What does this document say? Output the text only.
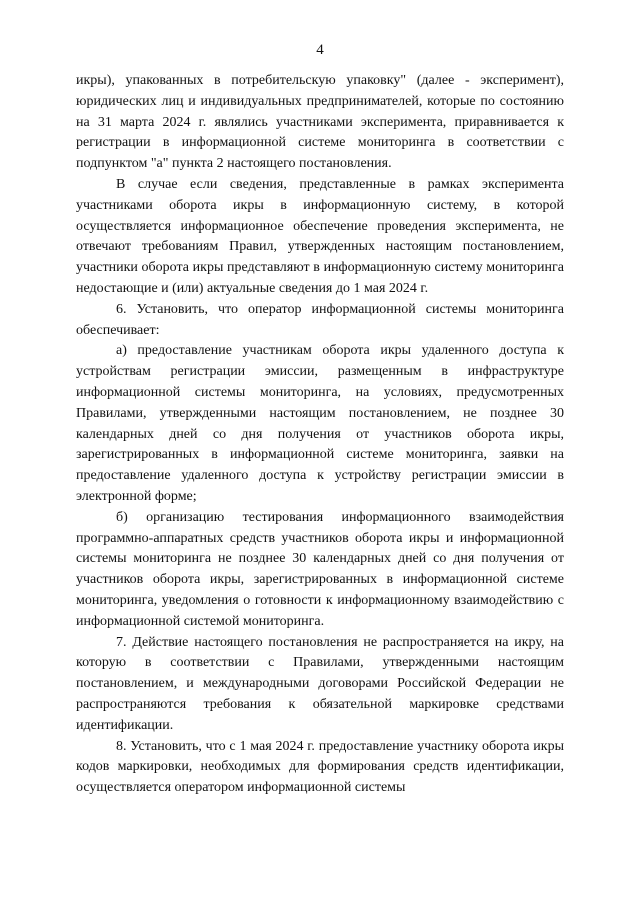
4

икры), упакованных в потребительскую упаковку" (далее - эксперимент), юридических лиц и индивидуальных предпринимателей, которые по состоянию на 31 марта 2024 г. являлись участниками эксперимента, приравнивается к регистрации в информационной системе мониторинга в соответствии с подпунктом "а" пункта 2 настоящего постановления.

В случае если сведения, представленные в рамках эксперимента участниками оборота икры в информационную систему, в которой осуществляется информационное обеспечение проведения эксперимента, не отвечают требованиям Правил, утвержденных настоящим постановлением, участники оборота икры представляют в информационную систему мониторинга недостающие и (или) актуальные сведения до 1 мая 2024 г.

6. Установить, что оператор информационной системы мониторинга обеспечивает:

а) предоставление участникам оборота икры удаленного доступа к устройствам регистрации эмиссии, размещенным в инфраструктуре информационной системы мониторинга, на условиях, предусмотренных Правилами, утвержденными настоящим постановлением, не позднее 30 календарных дней со дня получения от участников оборота икры, зарегистрированных в информационной системе мониторинга, заявки на предоставление удаленного доступа к устройству регистрации эмиссии в электронной форме;

б) организацию тестирования информационного взаимодействия программно-аппаратных средств участников оборота икры и информационной системы мониторинга не позднее 30 календарных дней со дня получения от участников оборота икры, зарегистрированных в информационной системе мониторинга, уведомления о готовности к информационному взаимодействию с информационной системой мониторинга.

7. Действие настоящего постановления не распространяется на икру, на которую в соответствии с Правилами, утвержденными настоящим постановлением, и международными договорами Российской Федерации не распространяются требования к обязательной маркировке средствами идентификации.

8. Установить, что с 1 мая 2024 г. предоставление участнику оборота икры кодов маркировки, необходимых для формирования средств идентификации, осуществляется оператором информационной системы
